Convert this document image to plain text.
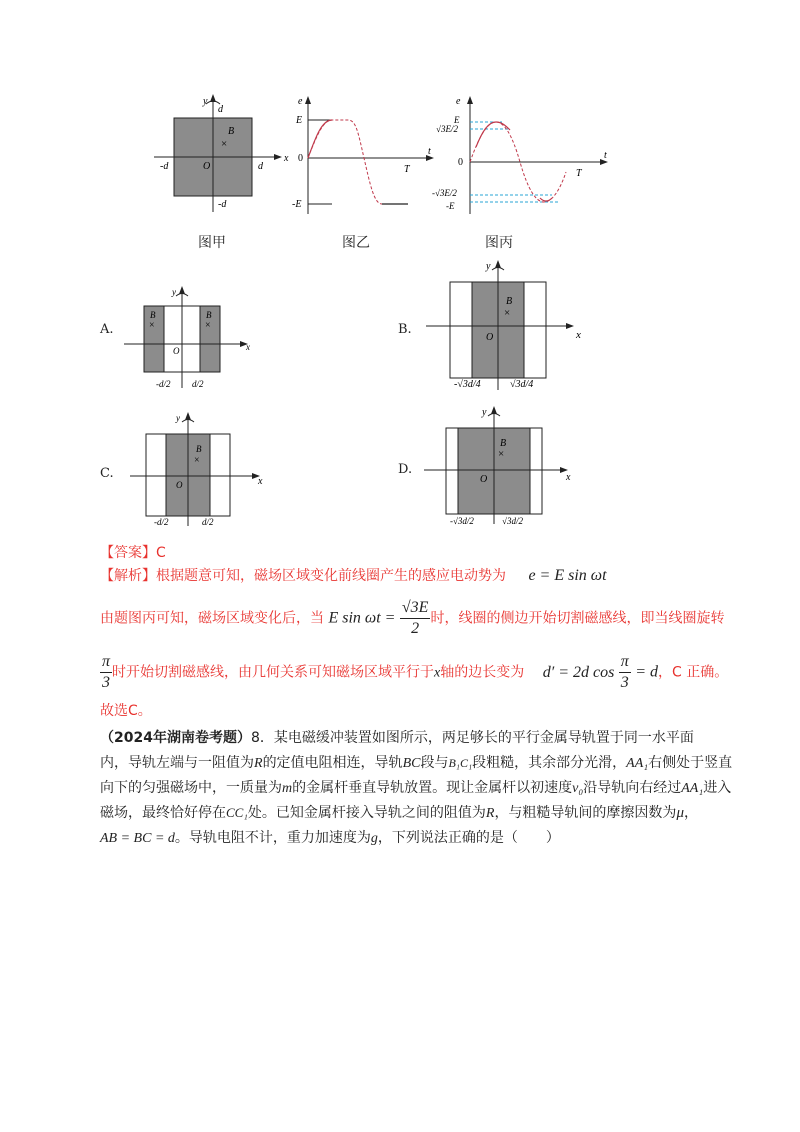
y
x
d
B
×
-d	O	d
-d
图甲
e
E
0
-E
T
t
图乙
e
E
√3E/2
0
-√3E/2
-E
T
t
图丙
A.
y
x
B
×
B
×
O
-d/2 d/2
B.
y
x
B
×
O
-√3d/4	√3d/4
C.
y
x
B
×
O
-d/2	d/2
D.
y
x
B
×
O
-√3d/2	√3d/2
【答案】C
【解析】根据题意可知，磁场区域变化前线圈产生的感应电动势为 e = E sin ωt
由题图丙可知，磁场区域变化后，当 E $\sin \omega t = \frac{√3E}{2}$ 时，线圈的侧边开始切割磁感线，即当线圈旋转
$\frac{\pi}{3}$ 时开始切割磁感线，由几何关系可知磁场区域平行于x轴的边长变为 d′ = 2d $\cos \frac{\pi}{3} = d$，C 正确。
故选C。
（2024年湖南卷考题）8．某电磁缓冲装置如图所示，两足够长的平行金属导轨置于同一水平面
内，导轨左端与一阻值为R的定值电阻相连，导轨BC段与B₁C₁段粗糙，其余部分光滑，AA₁右侧处于竖直
向下的匀强磁场中，一质量为m的金属杆垂直导轨放置。现让金属杆以初速度v₀沿导轨向右经过AA₁进入
磁场，最终恰好停在CC₁处。已知金属杆接入导轨之间的阻值为R，与粗糙导轨间的摩擦因数为μ，
AB = BC = d。导轨电阻不计，重力加速度为g，下列说法正确的是（　　）
